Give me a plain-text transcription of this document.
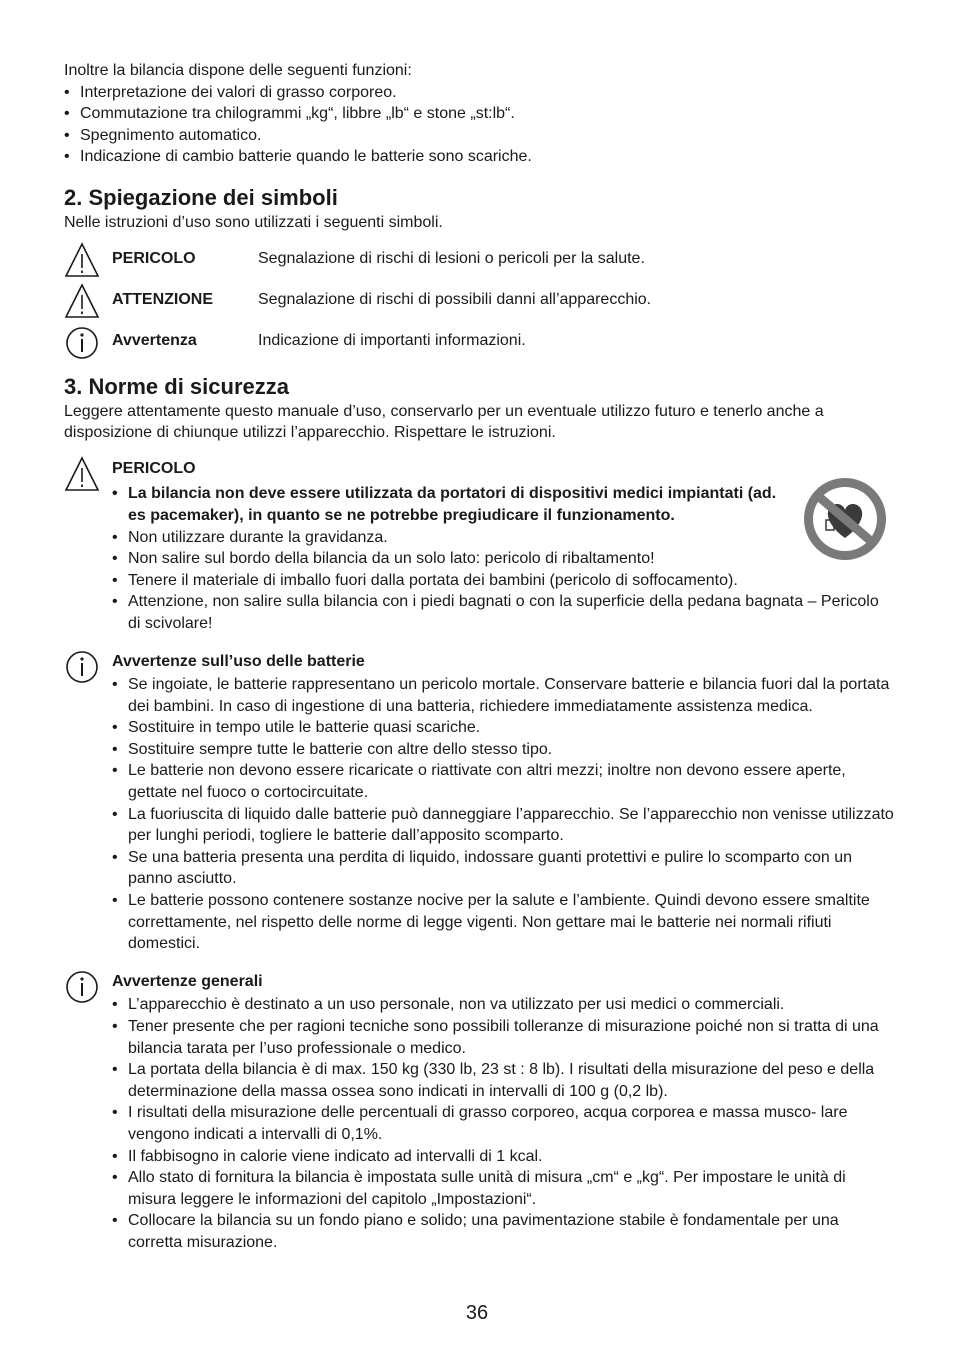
Inoltre la bilancia dispone delle seguenti funzioni:

• Interpretazione dei valori di grasso corporeo.
• Commutazione tra chilogrammi „kg“, libbre „lb“ e stone „st:lb“.
• Spegnimento automatico.
• Indicazione di cambio batterie quando le batterie sono scariche.
2. Spiegazione dei simboli

Nelle istruzioni d’uso sono utilizzati i seguenti simboli.

PERICOLO	Segnalazione di rischi di lesioni o pericoli per la salute.
ATTENZIONE	Segnalazione di rischi di possibili danni all’apparecchio.
Avvertenza	Indicazione di importanti informazioni.
3. Norme di sicurezza

Leggere attentamente questo manuale d’uso, conservarlo per un eventuale utilizzo futuro e tenerlo anche a disposizione di chiunque utilizzi l’apparecchio. Rispettare le istruzioni.

PERICOLO
• La bilancia non deve essere utilizzata da portatori di dispositivi medici impiantati (ad. es pacemaker), in quanto se ne potrebbe pregiudicare il funzionamento.
• Non utilizzare durante la gravidanza.
• Non salire sul bordo della bilancia da un solo lato: pericolo di ribaltamento!
• Tenere il materiale di imballo fuori dalla portata dei bambini (pericolo di soffocamento).
• Attenzione, non salire sulla bilancia con i piedi bagnati o con la superficie della pedana bagnata – Pericolo di scivolare!
Avvertenze sull’uso delle batterie
• Se ingoiate, le batterie rappresentano un pericolo mortale. Conservare batterie e bilancia fuori dal la portata dei bambini. In caso di ingestione di una batteria, richiedere immediatamente assistenza medica.
• Sostituire in tempo utile le batterie quasi scariche.
• Sostituire sempre tutte le batterie con altre dello stesso tipo.
• Le batterie non devono essere ricaricate o riattivate con altri mezzi; inoltre non devono essere aperte, gettate nel fuoco o cortocircuitate.
• La fuoriuscita di liquido dalle batterie può danneggiare l’apparecchio. Se l’apparecchio non venisse utilizzato per lunghi periodi, togliere le batterie dall’apposito scomparto.
• Se una batteria presenta una perdita di liquido, indossare guanti protettivi e pulire lo scomparto con un panno asciutto.
• Le batterie possono contenere sostanze nocive per la salute e l’ambiente. Quindi devono essere smaltite correttamente, nel rispetto delle norme di legge vigenti. Non gettare mai le batterie nei normali rifiuti domestici.
Avvertenze generali
• L’apparecchio è destinato a un uso personale, non va utilizzato per usi medici o commerciali.
• Tener presente che per ragioni tecniche sono possibili tolleranze di misurazione poiché non si tratta di una bilancia tarata per l’uso professionale o medico.
• La portata della bilancia è di max. 150 kg (330 lb, 23 st : 8 lb). I risultati della misurazione del peso e della determinazione della massa ossea sono indicati in intervalli di 100 g (0,2 lb).
• I risultati della misurazione delle percentuali di grasso corporeo, acqua corporea e massa musco- lare vengono indicati a intervalli di 0,1%.
• Il fabbisogno in calorie viene indicato ad intervalli di 1 kcal.
• Allo stato di fornitura la bilancia è impostata sulle unità di misura „cm“ e „kg“. Per impostare le unità di misura leggere le informazioni del capitolo „Impostazioni“.
• Collocare la bilancia su un fondo piano e solido; una pavimentazione stabile è fondamentale per una corretta misurazione.
36
